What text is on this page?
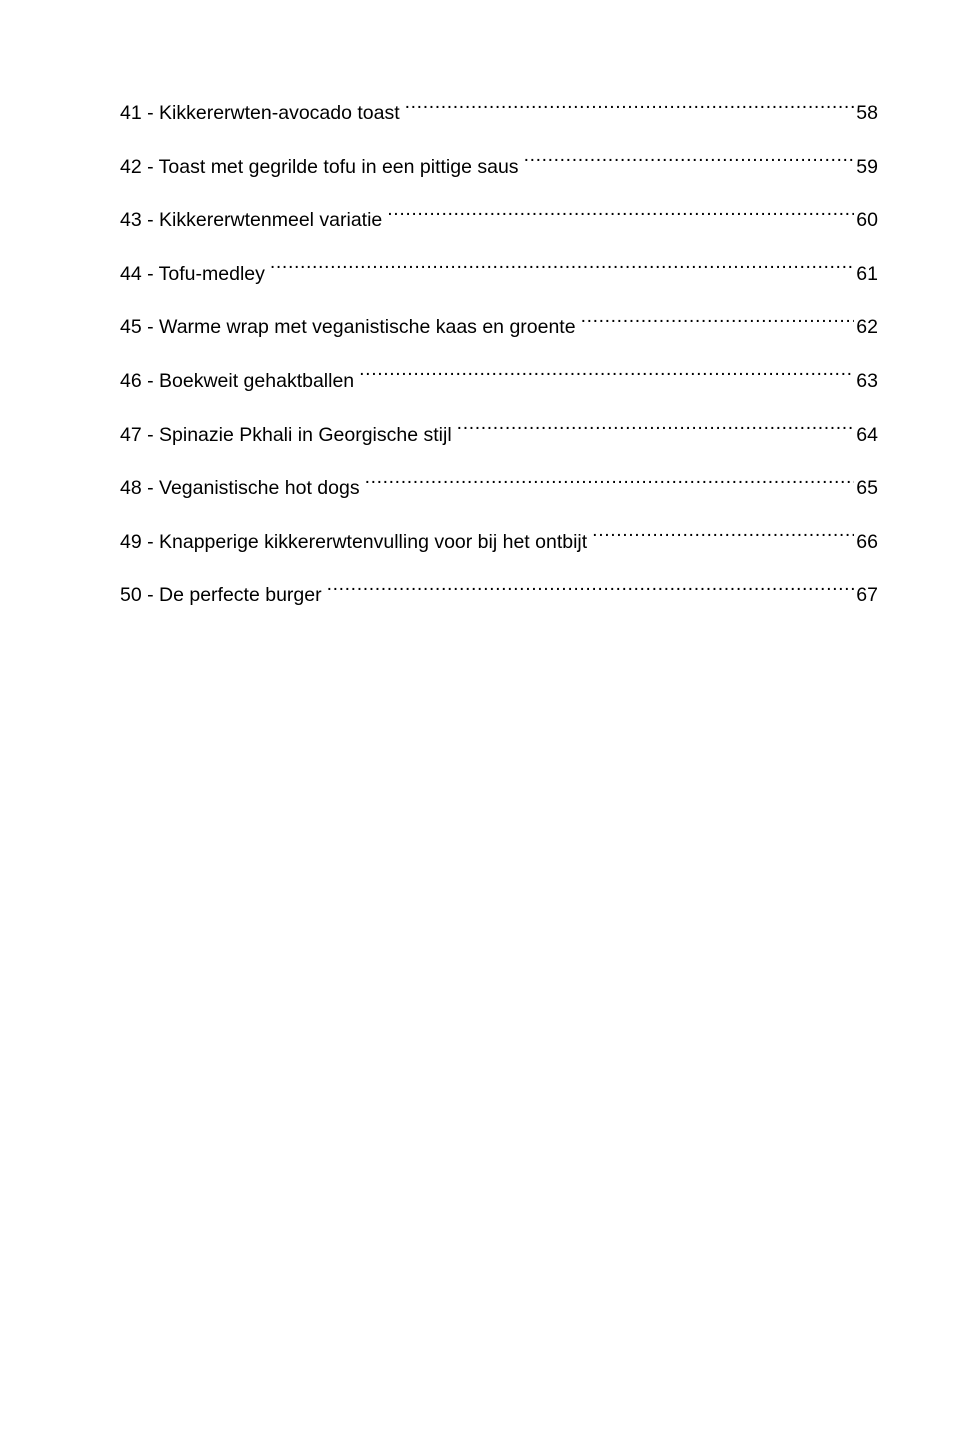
41 - Kikkererwten-avocado toast .....	58
42 - Toast met gegrilde tofu in een pittige saus .....	59
43 - Kikkererwtenmeel variatie .....	60
44 - Tofu-medley .....	61
45 - Warme wrap met veganistische kaas en groente .....	62
46 - Boekweit gehaktballen .....	63
47 - Spinazie Pkhali in Georgische stijl .....	64
48 - Veganistische hot dogs .....	65
49 - Knapperige kikkererwtenvulling voor bij het ontbijt .....	66
50 - De perfecte burger .....	67
